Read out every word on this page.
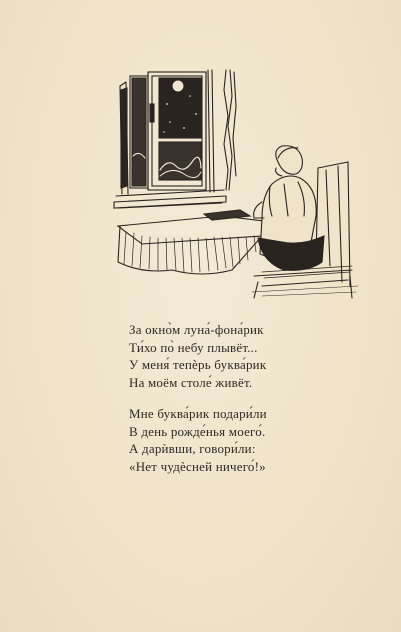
За окно̀м луна́-фона́рик
Ти́хо по̀ небу плывёт...
У меня́ тепѐрь буква́рик
На моём столе́ живёт.
Мне буква́рик подари́ли
В день рожде́нья моего́.
А дарѝвши, говори́ли:
«Нет чудѐсней ничего́!»
